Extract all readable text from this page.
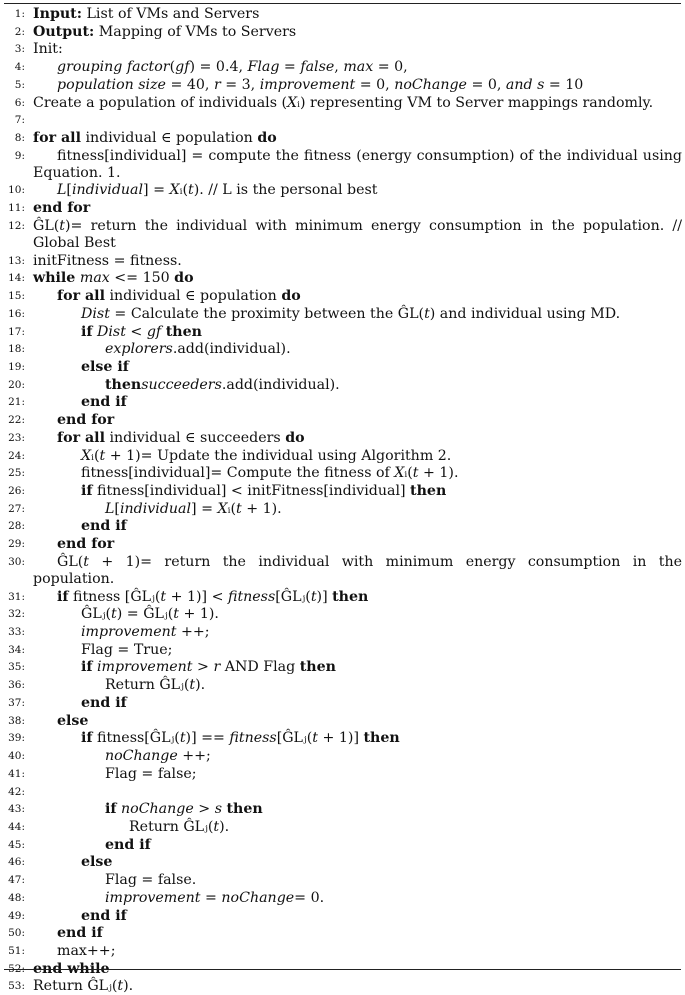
1: Input: List of VMs and Servers
2: Output: Mapping of VMs to Servers
3: Init:
4: grouping factor(gf) = 0.4, Flag = false, max = 0,
5: population size = 40, r = 3, improvement = 0, noChange = 0, and s = 10
6: Create a population of individuals (Xᵢ) representing VM to Server mappings randomly.
7:
8: for all individual ∈ population do
9: fitness[individual] = compute the fitness (energy consumption) of the individual using
Equation. 1.
10: L[individual] = Xᵢ(t). // L is the personal best
11: end for
12: ĜL(t)= return the individual with minimum energy consumption in the population. //
Global Best
13: initFitness = fitness.
14: while max <= 150 do
15: for all individual ∈ population do
16:	Dist = Calculate the proximity between the ĜL(t) and individual using MD.
17:	if Dist < gf then
18:	explorers.add(individual).
19:	else if
20:	thensucceeders.add(individual).
21:	end if
22: end for
23: for all individual ∈ succeeders do
24:	Xᵢ(t + 1)= Update the individual using Algorithm 2.
25:	fitness[individual]= Compute the fitness of Xᵢ(t + 1).
26:	if fitness[individual] < initFitness[individual] then
27:	L[individual] = Xᵢ(t + 1).
28:	end if
29: end for
30: ĜL(t + 1)= return the individual with minimum energy consumption in the
population.
31: if fitness [ĜLⱼ(t + 1)] < fitness[ĜLⱼ(t)] then
32:	ĜLⱼ(t) = ĜLⱼ(t + 1).
33:	improvement ++;
34:	Flag = True;
35:	if improvement > r AND Flag then
36:	Return ĜLⱼ(t).
37:	end if
38: else
39:	if fitness[ĜLⱼ(t)] == fitness[ĜLⱼ(t + 1)] then
40:	noChange ++;
41:	Flag = false;
42:
43:	if noChange > s then
44:	Return ĜLⱼ(t).
45:	end if
46:	else
47:	Flag = false.
48:	improvement = noChange= 0.
49:	end if
50: end if
51: max++;
52: end while
53: Return ĜLⱼ(t).
